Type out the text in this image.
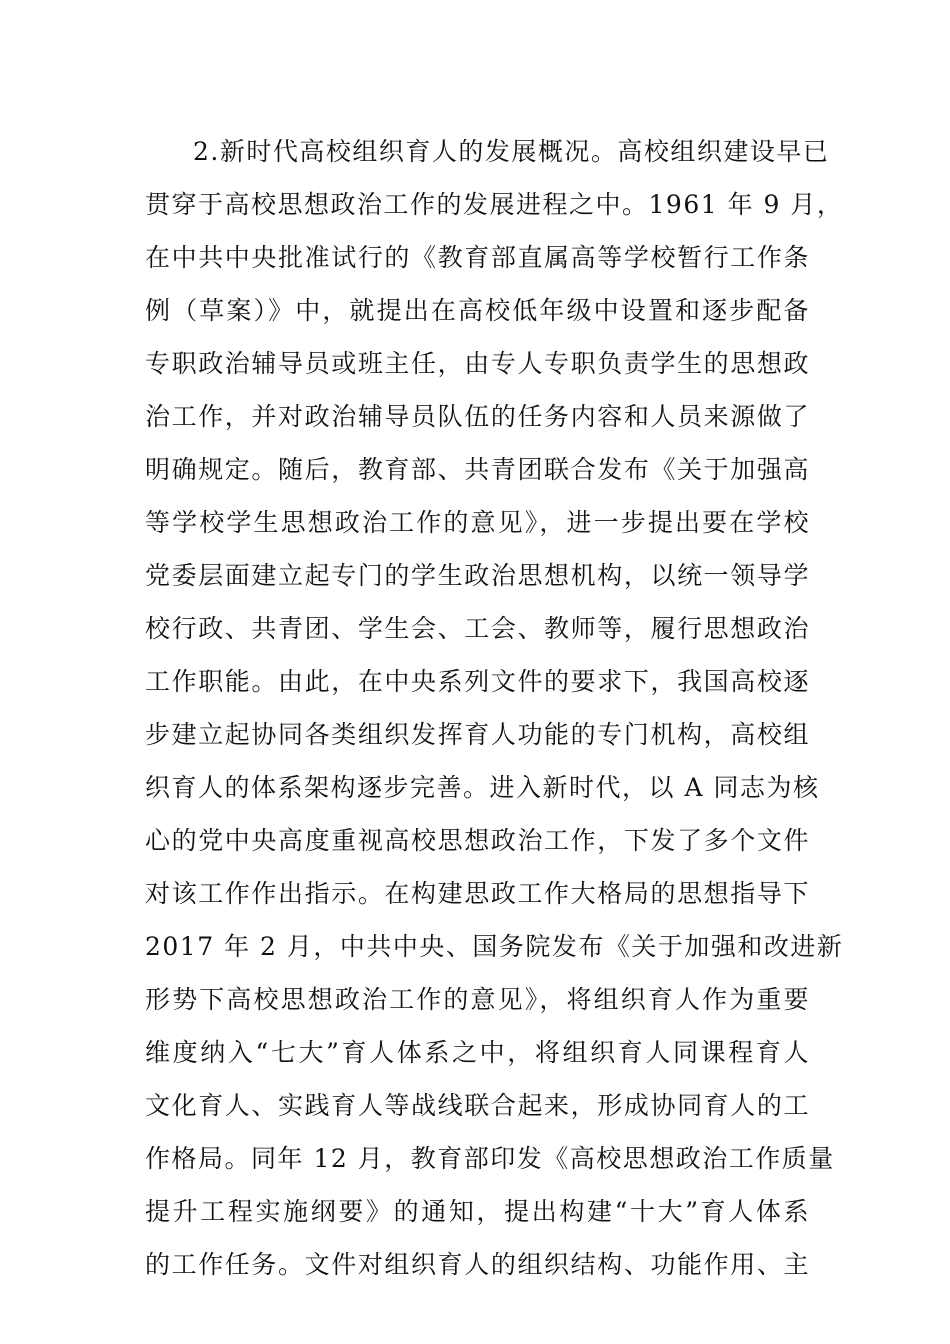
2.新时代高校组织育人的发展概况。高校组织建设早已
贯穿于高校思想政治工作的发展进程之中。1961 年 9 月，
在中共中央批准试行的《教育部直属高等学校暂行工作条
例（草案）》中，就提出在高校低年级中设置和逐步配备
专职政治辅导员或班主任，由专人专职负责学生的思想政
治工作，并对政治辅导员队伍的任务内容和人员来源做了
明确规定。随后，教育部、共青团联合发布《关于加强高
等学校学生思想政治工作的意见》，进一步提出要在学校
党委层面建立起专门的学生政治思想机构，以统一领导学
校行政、共青团、学生会、工会、教师等，履行思想政治
工作职能。由此，在中央系列文件的要求下，我国高校逐
步建立起协同各类组织发挥育人功能的专门机构，高校组
织育人的体系架构逐步完善。进入新时代，以 A 同志为核
心的党中央高度重视高校思想政治工作，下发了多个文件
对该工作作出指示。在构建思政工作大格局的思想指导下
2017 年 2 月，中共中央、国务院发布《关于加强和改进新
形势下高校思想政治工作的意见》，将组织育人作为重要
维度纳入“七大”育人体系之中，将组织育人同课程育人
文化育人、实践育人等战线联合起来，形成协同育人的工
作格局。同年 12 月，教育部印发《高校思想政治工作质量
提升工程实施纲要》的通知，提出构建“十大”育人体系
的工作任务。文件对组织育人的组织结构、功能作用、主
